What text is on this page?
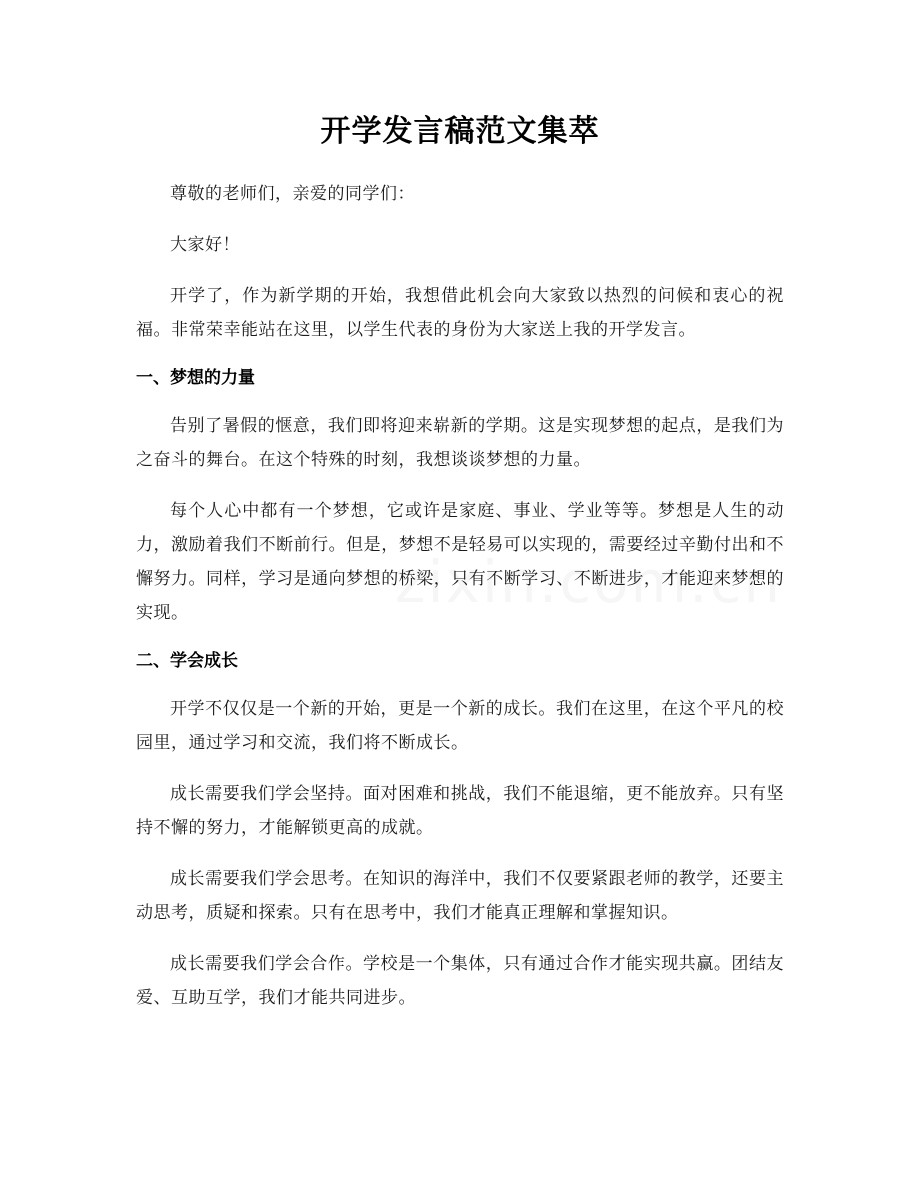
开学发言稿范文集萃

尊敬的老师们，亲爱的同学们：

大家好！

开学了，作为新学期的开始，我想借此机会向大家致以热烈的问候和衷心的祝福。非常荣幸能站在这里，以学生代表的身份为大家送上我的开学发言。

一、梦想的力量

告别了暑假的惬意，我们即将迎来崭新的学期。这是实现梦想的起点，是我们为之奋斗的舞台。在这个特殊的时刻，我想谈谈梦想的力量。

每个人心中都有一个梦想，它或许是家庭、事业、学业等等。梦想是人生的动力，激励着我们不断前行。但是，梦想不是轻易可以实现的，需要经过辛勤付出和不懈努力。同样，学习是通向梦想的桥梁，只有不断学习、不断进步，才能迎来梦想的实现。

二、学会成长

开学不仅仅是一个新的开始，更是一个新的成长。我们在这里，在这个平凡的校园里，通过学习和交流，我们将不断成长。

成长需要我们学会坚持。面对困难和挑战，我们不能退缩，更不能放弃。只有坚持不懈的努力，才能解锁更高的成就。

成长需要我们学会思考。在知识的海洋中，我们不仅要紧跟老师的教学，还要主动思考，质疑和探索。只有在思考中，我们才能真正理解和掌握知识。

成长需要我们学会合作。学校是一个集体，只有通过合作才能实现共赢。团结友爱、互助互学，我们才能共同进步。
